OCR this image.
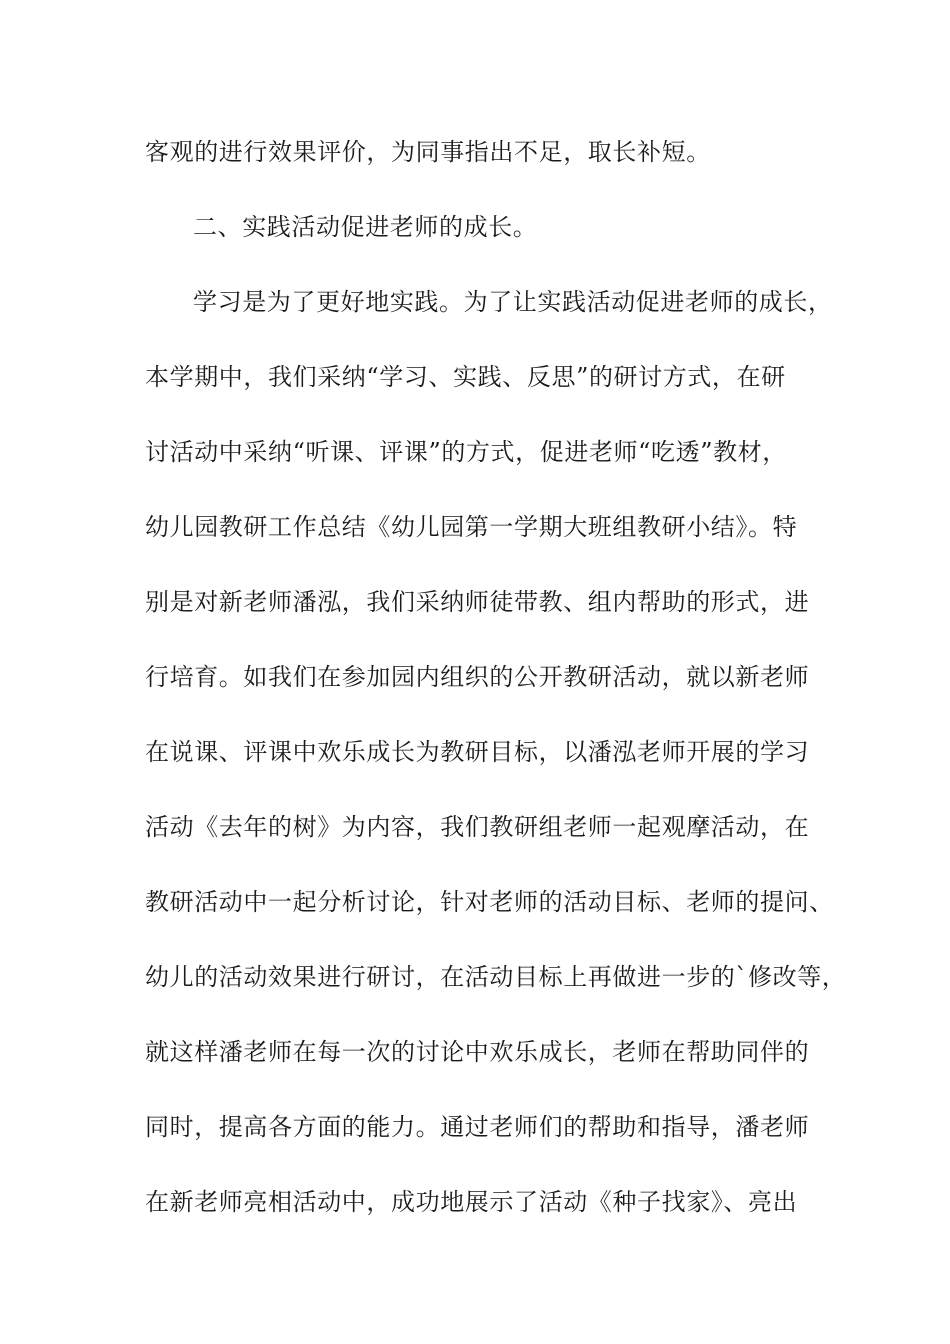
客观的进行效果评价，为同事指出不足，取长补短。
二、实践活动促进老师的成长。
学习是为了更好地实践。为了让实践活动促进老师的成长，
本学期中，我们采纳“学习、实践、反思”的研讨方式，在研
讨活动中采纳“听课、评课”的方式，促进老师“吃透”教材，
幼儿园教研工作总结《幼儿园第一学期大班组教研小结》。特
别是对新老师潘泓，我们采纳师徒带教、组内帮助的形式，进
行培育。如我们在参加园内组织的公开教研活动，就以新老师
在说课、评课中欢乐成长为教研目标，以潘泓老师开展的学习
活动《去年的树》为内容，我们教研组老师一起观摩活动，在
教研活动中一起分析讨论，针对老师的活动目标、老师的提问、
幼儿的活动效果进行研讨，在活动目标上再做进一步的`修改等，
就这样潘老师在每一次的讨论中欢乐成长，老师在帮助同伴的
同时，提高各方面的能力。通过老师们的帮助和指导，潘老师
在新老师亮相活动中，成功地展示了活动《种子找家》、亮出
